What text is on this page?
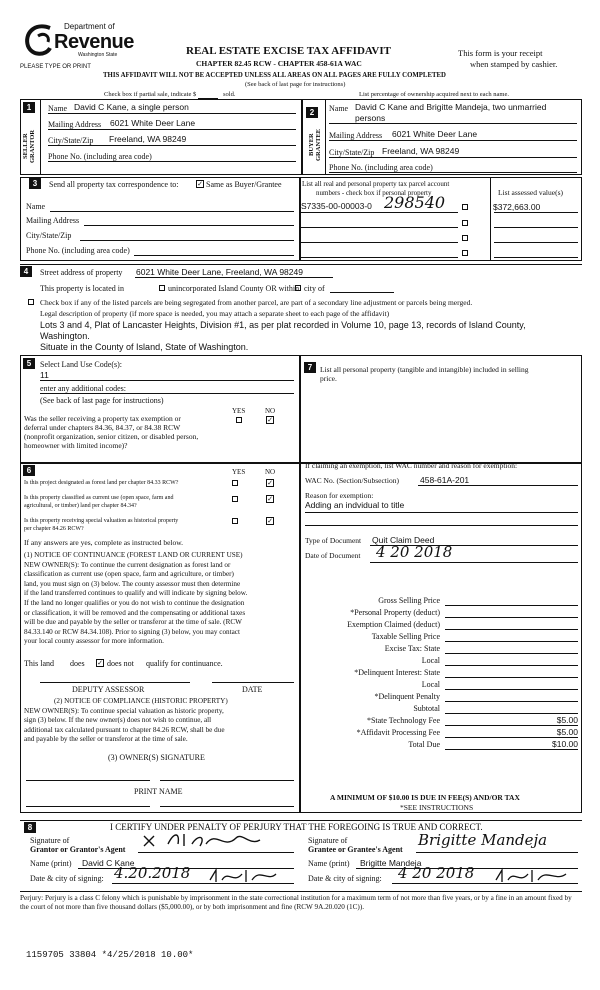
Department of
Revenue
Washington State
PLEASE TYPE OR PRINT
REAL ESTATE EXCISE TAX AFFIDAVIT
CHAPTER 82.45 RCW - CHAPTER 458-61A WAC
This form is your receipt
when stamped by cashier.
THIS AFFIDAVIT WILL NOT BE ACCEPTED UNLESS ALL AREAS ON ALL PAGES ARE FULLY COMPLETED
(See back of last page for instructions)
Check box if partial sale, indicate $	sold.	List percentage of ownership acquired next to each name.
1
SELLER GRANTOR
Name David C Kane, a single person
Mailing Address 6021 White Deer Lane
City/State/Zip Freeland, WA 98249
Phone No. (including area code)
2
BUYER GRANTEE
Name David C Kane and Brigitte Mandeja, two unmarried
persons
Mailing Address 6021 White Deer Lane
City/State/Zip Freeland, WA 98249
Phone No. (including area code)
3	Send all property tax correspondence to:	✓ Same as Buyer/Grantee
Name
Mailing Address
City/State/Zip
Phone No. (including area code)
List all real and personal property tax parcel account
numbers - check box if personal property	List assessed value(s)
S7335-00-00003-0 298540	$372,663.00
4	Street address of property 6021 White Deer Lane, Freeland, WA 98249
This property is located in	unincorporated Island County OR within city of
Check box if any of the listed parcels are being segregated from another parcel, are part of a secondary line adjustment or parcels being merged.
Legal description of property (if more space is needed, you may attach a separate sheet to each page of the affidavit)
Lots 3 and 4, Plat of Lancaster Heights, Division #1, as per plat recorded in Volume 10, page 13, records of Island County,
Washington.
Situate in the County of Island, State of Washington.
5	Select Land Use Code(s):
11
enter any additional codes:
(See back of last page for instructions)
YES	NO
Was the seller receiving a property tax exemption or
deferral under chapters 84.36, 84.37, or 84.38 RCW
(nonprofit organization, senior citizen, or disabled person,
homeowner with limited income)?
✓
7	List all personal property (tangible and intangible) included in selling
price.
6	YES	NO
Is this project designated as forest land per chapter 84.33 RCW?	✓
Is this property classified as current use (open space, farm and
agricultural, or timber) land per chapter 84.34?
✓
Is this property receiving special valuation as historical property
per chapter 84.26 RCW?
✓
If any answers are yes, complete as instructed below.
(1) NOTICE OF CONTINUANCE (FOREST LAND OR CURRENT USE)
NEW OWNER(S): To continue the current designation as forest land or
classification as current use (open space, farm and agriculture, or timber)
land, you must sign on (3) below. The county assessor must then determine
if the land transferred continues to qualify and will indicate by signing below.
If the land no longer qualifies or you do not wish to continue the designation
or classification, it will be removed and the compensating or additional taxes
will be due and payable by the seller or transferor at the time of sale. (RCW
84.33.140 or RCW 84.34.108). Prior to signing (3) below, you may contact
your local county assessor for more information.
This land does ✓ does not qualify for continuance.
DEPUTY ASSESSOR	DATE
(2) NOTICE OF COMPLIANCE (HISTORIC PROPERTY)
NEW OWNER(S): To continue special valuation as historic property,
sign (3) below. If the new owner(s) does not wish to continue, all
additional tax calculated pursuant to chapter 84.26 RCW, shall be due
and payable by the seller or transferor at the time of sale.
(3) OWNER(S) SIGNATURE
PRINT NAME
If claiming an exemption, list WAC number and reason for exemption:
WAC No. (Section/Subsection) 458-61A-201
Reason for exemption:
Adding an indvidual to title
Type of Document Quit Claim Deed
Date of Document 4 20 2018
Gross Selling Price
*Personal Property (deduct)
Exemption Claimed (deduct)
Taxable Selling Price
Excise Tax: State
Local
*Delinquent Interest: State
Local
*Delinquent Penalty
Subtotal
*State Technology Fee	$5.00
*Affidavit Processing Fee	$5.00
Total Due	$10.00
A MINIMUM OF $10.00 IS DUE IN FEE(S) AND/OR TAX
*SEE INSTRUCTIONS
8	I CERTIFY UNDER PENALTY OF PERJURY THAT THE FOREGOING IS TRUE AND CORRECT.
Signature of
Grantor or Grantor's Agent
Name (print) David C Kane
Date & city of signing: 4.20.2018
Signature of
Grantee or Grantee's Agent
Brigitte Mandeja
Name (print) Brigitte Mandeja
Date & city of signing: 4 20 2018
Perjury: Perjury is a class C felony which is punishable by imprisonment in the state correctional institution for a maximum term of not more than five years, or by a fine in an amount fixed by the court of not more than five thousand dollars ($5,000.00), or by both imprisonment and fine (RCW 9A.20.020 (1C)).
1159705 33804 *4/25/2018 10.00*
